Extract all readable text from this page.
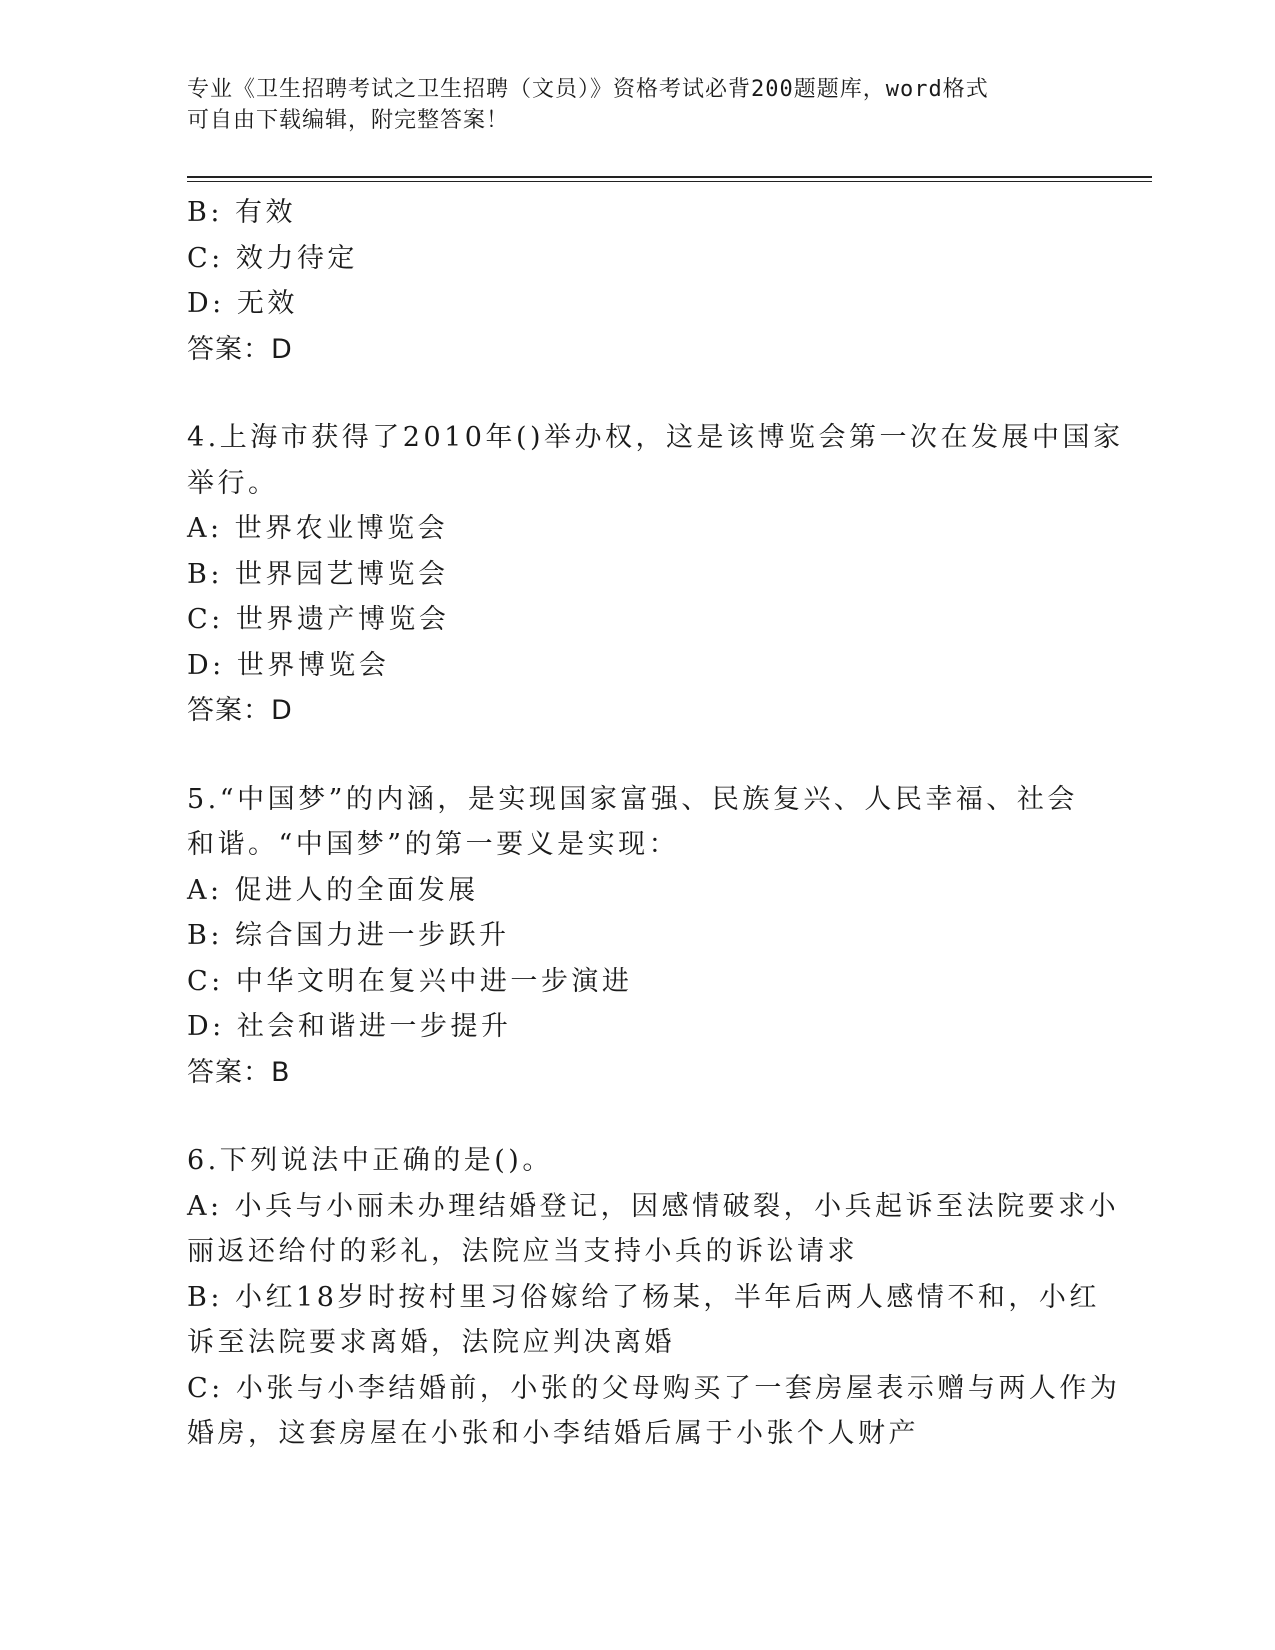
专业《卫生招聘考试之卫生招聘（文员）》资格考试必背200题题库，word格式
可自由下载编辑，附完整答案！
B: 有效
C: 效力待定
D: 无效
答案：D
4.上海市获得了2010年()举办权，这是该博览会第一次在发展中国家
举行。
A: 世界农业博览会
B: 世界园艺博览会
C: 世界遗产博览会
D: 世界博览会
答案：D
5.“中国梦”的内涵，是实现国家富强、民族复兴、人民幸福、社会
和谐。“中国梦”的第一要义是实现：
A: 促进人的全面发展
B: 综合国力进一步跃升
C: 中华文明在复兴中进一步演进
D: 社会和谐进一步提升
答案：B
6.下列说法中正确的是()。
A: 小兵与小丽未办理结婚登记，因感情破裂，小兵起诉至法院要求小
丽返还给付的彩礼，法院应当支持小兵的诉讼请求
B: 小红18岁时按村里习俗嫁给了杨某，半年后两人感情不和，小红
诉至法院要求离婚，法院应判决离婚
C: 小张与小李结婚前，小张的父母购买了一套房屋表示赠与两人作为
婚房，这套房屋在小张和小李结婚后属于小张个人财产
